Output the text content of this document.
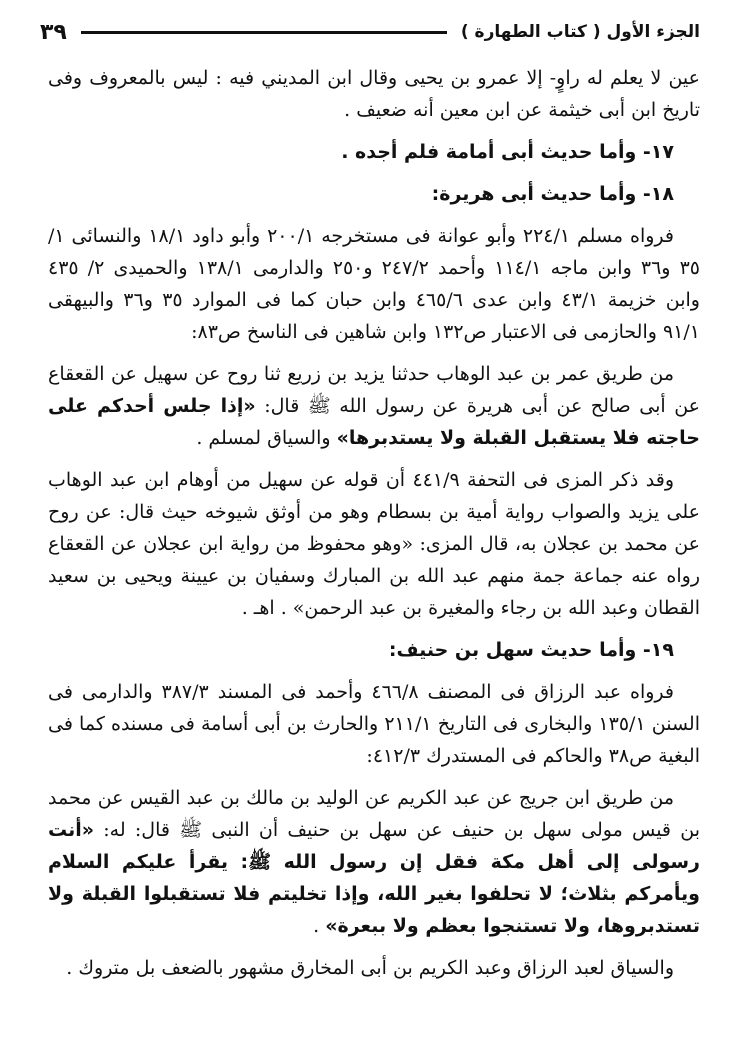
الجزء الأول ( كتاب الطهارة )
٣٩

عين لا يعلم له راوٍ- إلا عمرو بن يحيى وقال ابن المديني فيه : ليس بالمعروف وفى تاريخ ابن أبى خيثمة عن ابن معين أنه ضعيف .

١٧- وأما حديث أبى أمامة فلم أجده .

١٨- وأما حديث أبى هريرة:

فرواه مسلم ٢٢٤/١ وأبو عوانة فى مستخرجه ٢٠٠/١ وأبو داود ١٨/١ والنسائى ١/ ٣٥ و٣٦ وابن ماجه ١١٤/١ وأحمد ٢٤٧/٢ و٢٥٠ والدارمى ١٣٨/١ والحميدى ٢/ ٤٣٥ وابن خزيمة ٤٣/١ وابن عدى ٤٦٥/٦ وابن حبان كما فى الموارد ٣٥ و٣٦ والبيهقى ٩١/١ والحازمى فى الاعتبار ص١٣٢ وابن شاهين فى الناسخ ص٨٣:

من طريق عمر بن عبد الوهاب حدثنا يزيد بن زريع ثنا روح عن سهيل عن القعقاع عن أبى صالح عن أبى هريرة عن رسول الله ﷺ قال: «إذا جلس أحدكم على حاجته فلا يستقبل القبلة ولا يستدبرها» والسياق لمسلم .

وقد ذكر المزى فى التحفة ٤٤١/٩ أن قوله عن سهيل من أوهام ابن عبد الوهاب على يزيد والصواب رواية أمية بن بسطام وهو من أوثق شيوخه حيث قال: عن روح عن محمد بن عجلان به، قال المزى: «وهو محفوظ من رواية ابن عجلان عن القعقاع رواه عنه جماعة جمة منهم عبد الله بن المبارك وسفيان بن عيينة ويحيى بن سعيد القطان وعبد الله بن رجاء والمغيرة بن عبد الرحمن» . اهـ .

١٩- وأما حديث سهل بن حنيف:

فرواه عبد الرزاق فى المصنف ٤٦٦/٨ وأحمد فى المسند ٣٨٧/٣ والدارمى فى السنن ١٣٥/١ والبخارى فى التاريخ ٢١١/١ والحارث بن أبى أسامة فى مسنده كما فى البغية ص٣٨ والحاكم فى المستدرك ٤١٢/٣:

من طريق ابن جريج عن عبد الكريم عن الوليد بن مالك بن عبد القيس عن محمد بن قيس مولى سهل بن حنيف عن سهل بن حنيف أن النبى ﷺ قال: له: «أنت رسولى إلى أهل مكة فقل إن رسول الله ﷺ: يقرأ عليكم السلام ويأمركم بثلاث؛ لا تحلفوا بغير الله، وإذا تخليتم فلا تستقبلوا القبلة ولا تستدبروها، ولا تستنجوا بعظم ولا ببعرة» .

والسياق لعبد الرزاق وعبد الكريم بن أبى المخارق مشهور بالضعف بل متروك .
